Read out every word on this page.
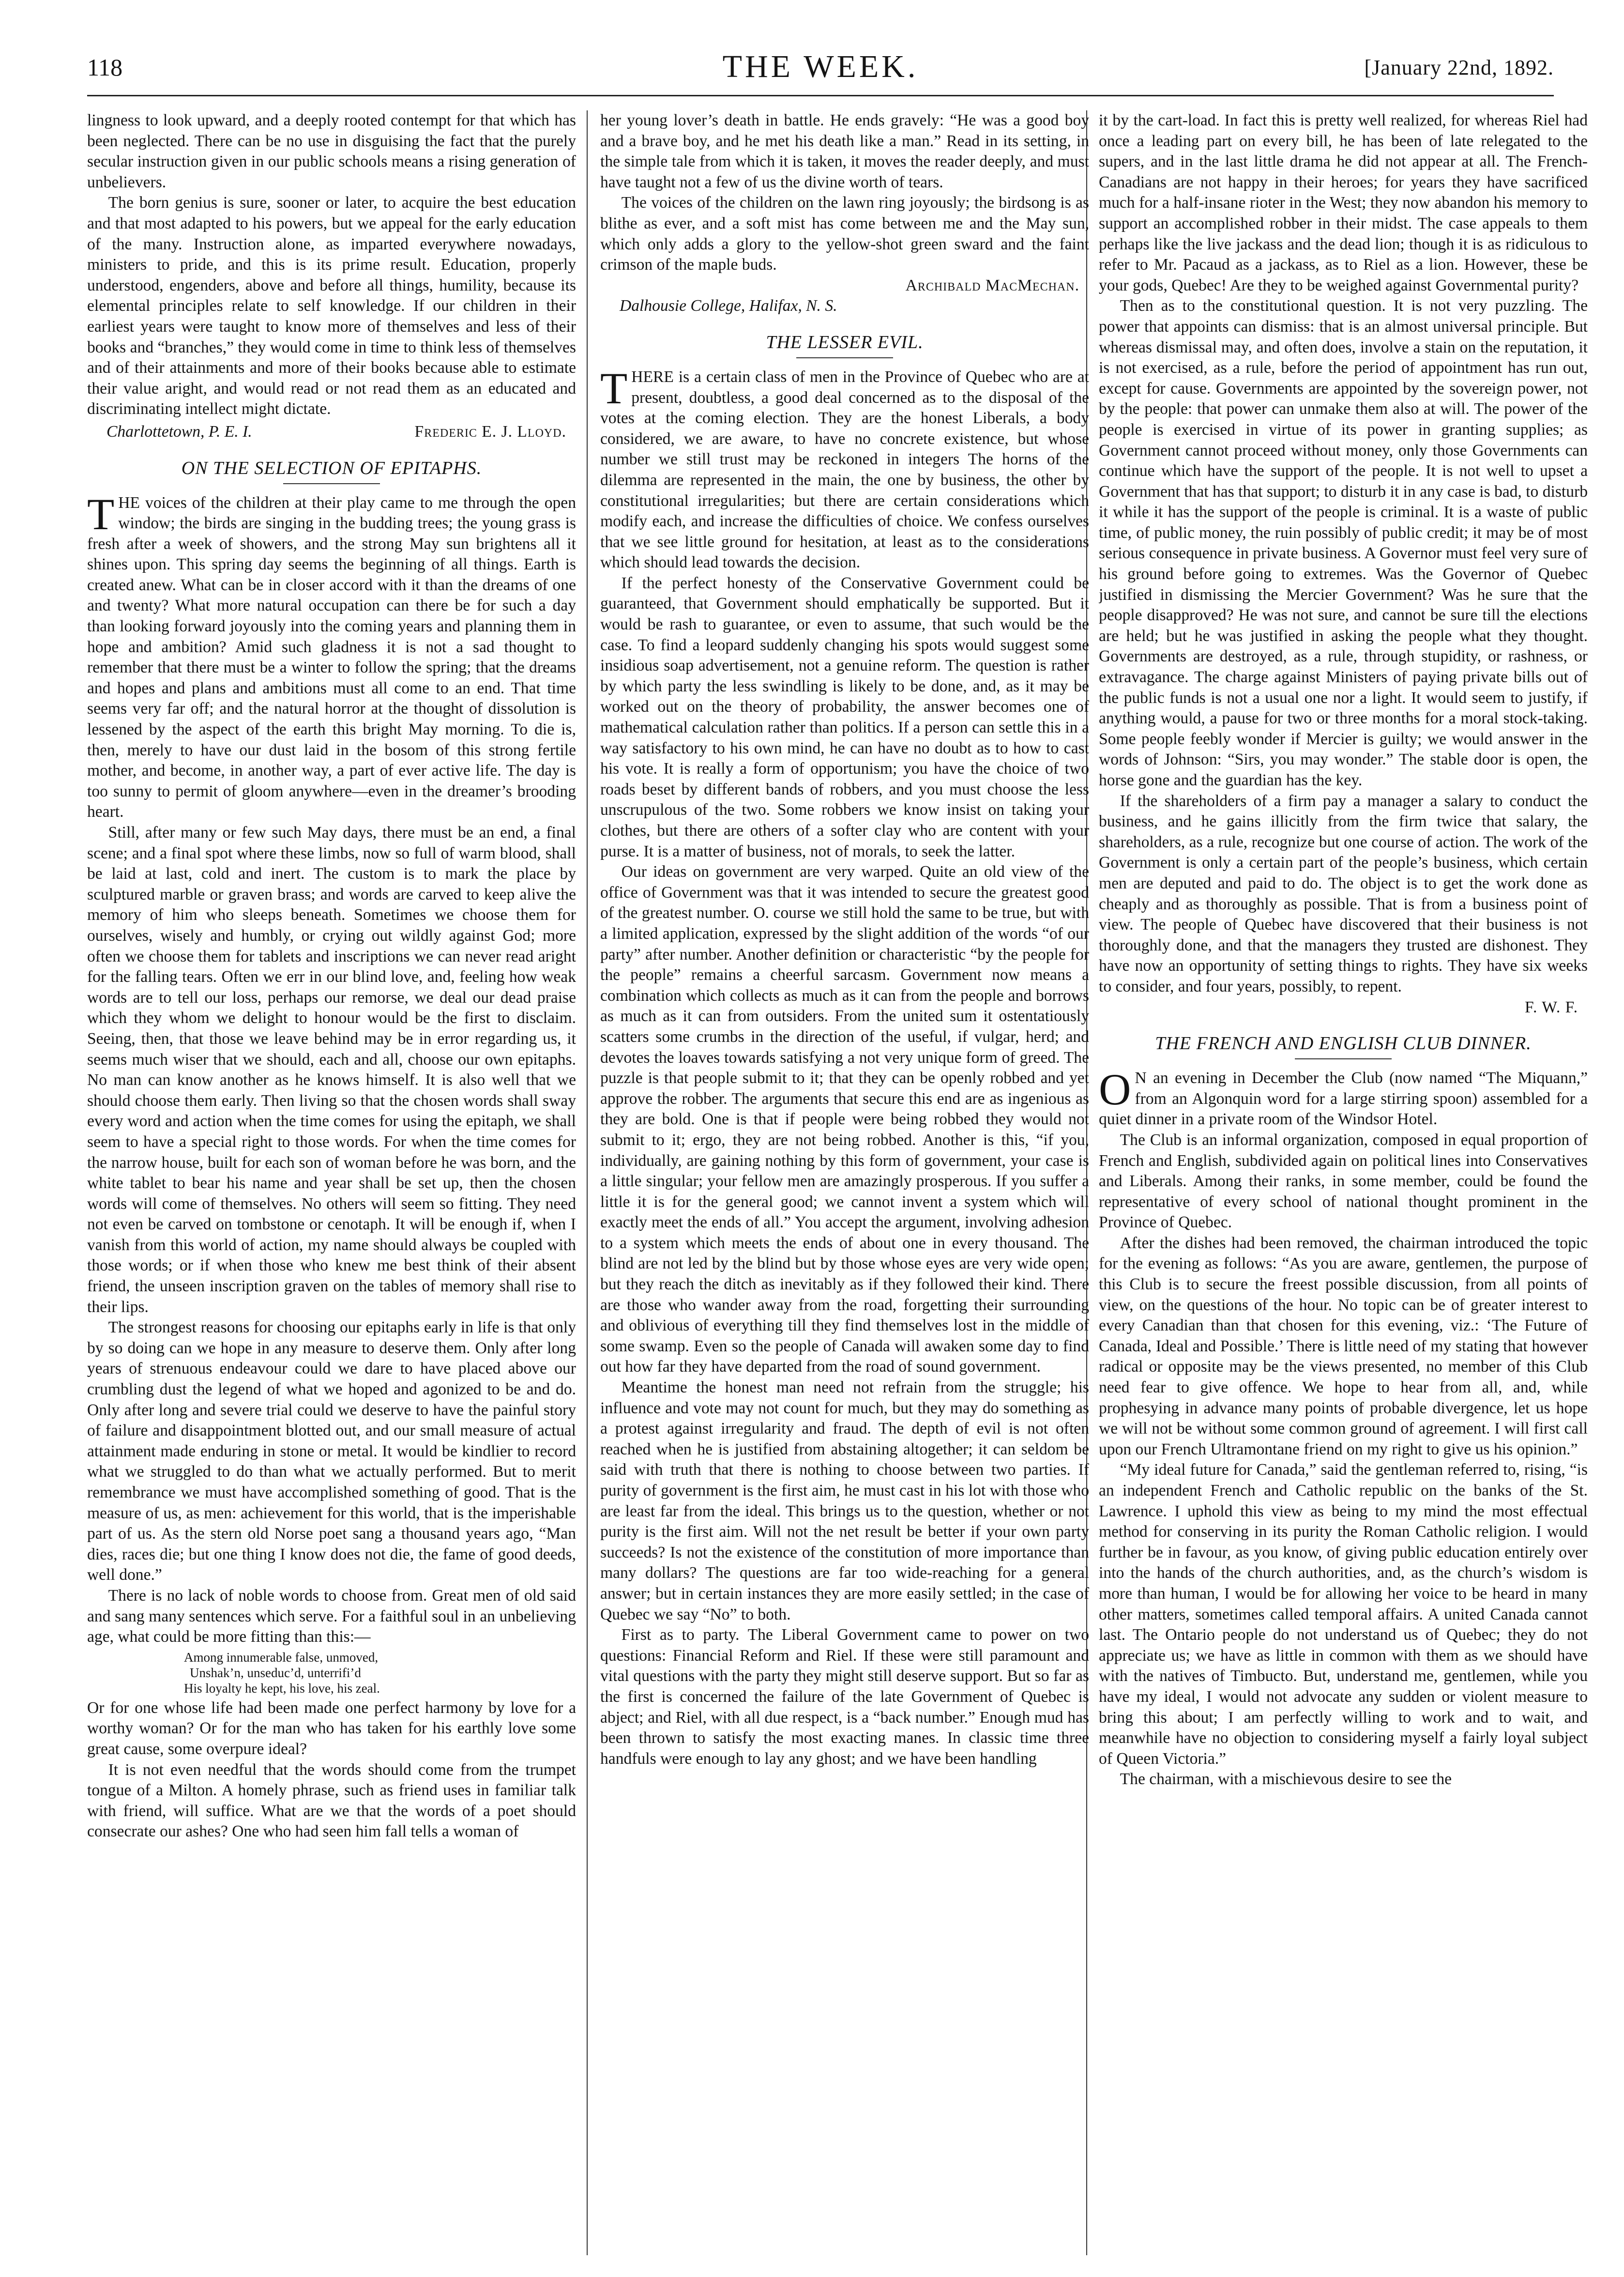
118	THE WEEK.	[January 22nd, 1892.

lingness to look upward, and a deeply rooted contempt for that which has been neglected. There can be no use in disguising the fact that the purely secular instruction given in our public schools means a rising generation of unbelievers.

The born genius is sure, sooner or later, to acquire the best education and that most adapted to his powers, but we appeal for the early education of the many. Instruction alone, as imparted everywhere nowadays, ministers to pride, and this is its prime result. Education, properly understood, engenders, above and before all things, humility, because its elemental principles relate to self knowledge. If our children in their earliest years were taught to know more of themselves and less of their books and “branches,” they would come in time to think less of themselves and of their attainments and more of their books because able to estimate their value aright, and would read or not read them as an educated and discriminating intellect might dictate.

Charlottetown, P. E. I.	Frederic E. J. Lloyd.
ON THE SELECTION OF EPITAPHS.

THE voices of the children at their play came to me through the open window; the birds are singing in the budding trees; the young grass is fresh after a week of showers, and the strong May sun brightens all it shines upon. This spring day seems the beginning of all things. Earth is created anew. What can be in closer accord with it than the dreams of one and twenty? What more natural occupation can there be for such a day than looking forward joyously into the coming years and planning them in hope and ambition? Amid such gladness it is not a sad thought to remember that there must be a winter to follow the spring; that the dreams and hopes and plans and ambitions must all come to an end. That time seems very far off; and the natural horror at the thought of dissolution is lessened by the aspect of the earth this bright May morning. To die is, then, merely to have our dust laid in the bosom of this strong fertile mother, and become, in another way, a part of ever active life. The day is too sunny to permit of gloom anywhere—even in the dreamer’s brooding heart.

Still, after many or few such May days, there must be an end, a final scene; and a final spot where these limbs, now so full of warm blood, shall be laid at last, cold and inert. The custom is to mark the place by sculptured marble or graven brass; and words are carved to keep alive the memory of him who sleeps beneath. Sometimes we choose them for ourselves, wisely and humbly, or crying out wildly against God; more often we choose them for tablets and inscriptions we can never read aright for the falling tears. Often we err in our blind love, and, feeling how weak words are to tell our loss, perhaps our remorse, we deal our dead praise which they whom we delight to honour would be the first to disclaim. Seeing, then, that those we leave behind may be in error regarding us, it seems much wiser that we should, each and all, choose our own epitaphs. No man can know another as he knows himself. It is also well that we should choose them early. Then living so that the chosen words shall sway every word and action when the time comes for using the epitaph, we shall seem to have a special right to those words. For when the time comes for the narrow house, built for each son of woman before he was born, and the white tablet to bear his name and year shall be set up, then the chosen words will come of themselves. No others will seem so fitting. They need not even be carved on tombstone or cenotaph. It will be enough if, when I vanish from this world of action, my name should always be coupled with those words; or if when those who knew me best think of their absent friend, the unseen inscription graven on the tables of memory shall rise to their lips.

The strongest reasons for choosing our epitaphs early in life is that only by so doing can we hope in any measure to deserve them. Only after long years of strenuous endeavour could we dare to have placed above our crumbling dust the legend of what we hoped and agonized to be and do. Only after long and severe trial could we deserve to have the painful story of failure and disappointment blotted out, and our small measure of actual attainment made enduring in stone or metal. It would be kindlier to record what we struggled to do than what we actually performed. But to merit remembrance we must have accomplished something of good. That is the measure of us, as men: achievement for this world, that is the imperishable part of us. As the stern old Norse poet sang a thousand years ago, “Man dies, races die; but one thing I know does not die, the fame of good deeds, well done.”

There is no lack of noble words to choose from. Great men of old said and sang many sentences which serve. For a faithful soul in an unbelieving age, what could be more fitting than this:—

Among innumerable false, unmoved,
Unshak’n, unseduc’d, unterrifi’d
His loyalty he kept, his love, his zeal.

Or for one whose life had been made one perfect harmony by love for a worthy woman? Or for the man who has taken for his earthly love some great cause, some overpure ideal?

It is not even needful that the words should come from the trumpet tongue of a Milton. A homely phrase, such as friend uses in familiar talk with friend, will suffice. What are we that the words of a poet should consecrate our ashes? One who had seen him fall tells a woman of

her young lover’s death in battle. He ends gravely: “He was a good boy and a brave boy, and he met his death like a man.” Read in its setting, in the simple tale from which it is taken, it moves the reader deeply, and must have taught not a few of us the divine worth of tears.

The voices of the children on the lawn ring joyously; the birdsong is as blithe as ever, and a soft mist has come between me and the May sun, which only adds a glory to the yellow-shot green sward and the faint crimson of the maple buds.

Archibald MacMechan.
Dalhousie College, Halifax, N. S.
THE LESSER EVIL.

THERE is a certain class of men in the Province of Quebec who are at present, doubtless, a good deal concerned as to the disposal of the votes at the coming election. They are the honest Liberals, a body considered, we are aware, to have no concrete existence, but whose number we still trust may be reckoned in integers The horns of the dilemma are represented in the main, the one by business, the other by constitutional irregularities; but there are certain considerations which modify each, and increase the difficulties of choice. We confess ourselves that we see little ground for hesitation, at least as to the considerations which should lead towards the decision.

If the perfect honesty of the Conservative Government could be guaranteed, that Government should emphatically be supported. But it would be rash to guarantee, or even to assume, that such would be the case. To find a leopard suddenly changing his spots would suggest some insidious soap advertisement, not a genuine reform. The question is rather by which party the less swindling is likely to be done, and, as it may be worked out on the theory of probability, the answer becomes one of mathematical calculation rather than politics. If a person can settle this in a way satisfactory to his own mind, he can have no doubt as to how to cast his vote. It is really a form of opportunism; you have the choice of two roads beset by different bands of robbers, and you must choose the less unscrupulous of the two. Some robbers we know insist on taking your clothes, but there are others of a softer clay who are content with your purse. It is a matter of business, not of morals, to seek the latter.

Our ideas on government are very warped. Quite an old view of the office of Government was that it was intended to secure the greatest good of the greatest number. O. course we still hold the same to be true, but with a limited application, expressed by the slight addition of the words “of our party” after number. Another definition or characteristic “by the people for the people” remains a cheerful sarcasm. Government now means a combination which collects as much as it can from the people and borrows as much as it can from outsiders. From the united sum it ostentatiously scatters some crumbs in the direction of the useful, if vulgar, herd; and devotes the loaves towards satisfying a not very unique form of greed. The puzzle is that people submit to it; that they can be openly robbed and yet approve the robber. The arguments that secure this end are as ingenious as they are bold. One is that if people were being robbed they would not submit to it; ergo, they are not being robbed. Another is this, “if you, individually, are gaining nothing by this form of government, your case is a little singular; your fellow men are amazingly prosperous. If you suffer a little it is for the general good; we cannot invent a system which will exactly meet the ends of all.” You accept the argument, involving adhesion to a system which meets the ends of about one in every thousand. The blind are not led by the blind but by those whose eyes are very wide open; but they reach the ditch as inevitably as if they followed their kind. There are those who wander away from the road, forgetting their surrounding and oblivious of everything till they find themselves lost in the middle of some swamp. Even so the people of Canada will awaken some day to find out how far they have departed from the road of sound government.

Meantime the honest man need not refrain from the struggle; his influence and vote may not count for much, but they may do something as a protest against irregularity and fraud. The depth of evil is not often reached when he is justified from abstaining altogether; it can seldom be said with truth that there is nothing to choose between two parties. If purity of government is the first aim, he must cast in his lot with those who are least far from the ideal. This brings us to the question, whether or not purity is the first aim. Will not the net result be better if your own party succeeds? Is not the existence of the constitution of more importance than many dollars? The questions are far too wide-reaching for a general answer; but in certain instances they are more easily settled; in the case of Quebec we say “No” to both.

First as to party. The Liberal Government came to power on two questions: Financial Reform and Riel. If these were still paramount and vital questions with the party they might still deserve support. But so far as the first is concerned the failure of the late Government of Quebec is abject; and Riel, with all due respect, is a “back number.” Enough mud has been thrown to satisfy the most exacting manes. In classic time three handfuls were enough to lay any ghost; and we have been handling

it by the cart-load. In fact this is pretty well realized, for whereas Riel had once a leading part on every bill, he has been of late relegated to the supers, and in the last little drama he did not appear at all. The French-Canadians are not happy in their heroes; for years they have sacrificed much for a half-insane rioter in the West; they now abandon his memory to support an accomplished robber in their midst. The case appeals to them perhaps like the live jackass and the dead lion; though it is as ridiculous to refer to Mr. Pacaud as a jackass, as to Riel as a lion. However, these be your gods, Quebec! Are they to be weighed against Governmental purity?

Then as to the constitutional question. It is not very puzzling. The power that appoints can dismiss: that is an almost universal principle. But whereas dismissal may, and often does, involve a stain on the reputation, it is not exercised, as a rule, before the period of appointment has run out, except for cause. Governments are appointed by the sovereign power, not by the people: that power can unmake them also at will. The power of the people is exercised in virtue of its power in granting supplies; as Government cannot proceed without money, only those Governments can continue which have the support of the people. It is not well to upset a Government that has that support; to disturb it in any case is bad, to disturb it while it has the support of the people is criminal. It is a waste of public time, of public money, the ruin possibly of public credit; it may be of most serious consequence in private business. A Governor must feel very sure of his ground before going to extremes. Was the Governor of Quebec justified in dismissing the Mercier Government? Was he sure that the people disapproved? He was not sure, and cannot be sure till the elections are held; but he was justified in asking the people what they thought. Governments are destroyed, as a rule, through stupidity, or rashness, or extravagance. The charge against Ministers of paying private bills out of the public funds is not a usual one nor a light. It would seem to justify, if anything would, a pause for two or three months for a moral stock-taking. Some people feebly wonder if Mercier is guilty; we would answer in the words of Johnson: “Sirs, you may wonder.” The stable door is open, the horse gone and the guardian has the key.

If the shareholders of a firm pay a manager a salary to conduct the business, and he gains illicitly from the firm twice that salary, the shareholders, as a rule, recognize but one course of action. The work of the Government is only a certain part of the people’s business, which certain men are deputed and paid to do. The object is to get the work done as cheaply and as thoroughly as possible. That is from a business point of view. The people of Quebec have discovered that their business is not thoroughly done, and that the managers they trusted are dishonest. They have now an opportunity of setting things to rights. They have six weeks to consider, and four years, possibly, to repent.

F. W. F.
THE FRENCH AND ENGLISH CLUB DINNER.

O N an evening in December the Club (now named “The Miquann,” from an Algonquin word for a large stirring spoon) assembled for a quiet dinner in a private room of the Windsor Hotel.

The Club is an informal organization, composed in equal proportion of French and English, subdivided again on political lines into Conservatives and Liberals. Among their ranks, in some member, could be found the representative of every school of national thought prominent in the Province of Quebec.

After the dishes had been removed, the chairman introduced the topic for the evening as follows: “As you are aware, gentlemen, the purpose of this Club is to secure the freest possible discussion, from all points of view, on the questions of the hour. No topic can be of greater interest to every Canadian than that chosen for this evening, viz.: ‘The Future of Canada, Ideal and Possible.’ There is little need of my stating that however radical or opposite may be the views presented, no member of this Club need fear to give offence. We hope to hear from all, and, while prophesying in advance many points of probable divergence, let us hope we will not be without some common ground of agreement. I will first call upon our French Ultramontane friend on my right to give us his opinion.”

“My ideal future for Canada,” said the gentleman referred to, rising, “is an independent French and Catholic republic on the banks of the St. Lawrence. I uphold this view as being to my mind the most effectual method for conserving in its purity the Roman Catholic religion. I would further be in favour, as you know, of giving public education entirely over into the hands of the church authorities, and, as the church’s wisdom is more than human, I would be for allowing her voice to be heard in many other matters, sometimes called temporal affairs. A united Canada cannot last. The Ontario people do not understand us of Quebec; they do not appreciate us; we have as little in common with them as we should have with the natives of Timbucto. But, understand me, gentlemen, while you have my ideal, I would not advocate any sudden or violent measure to bring this about; I am perfectly willing to work and to wait, and meanwhile have no objection to considering myself a fairly loyal subject of Queen Victoria.”

The chairman, with a mischievous desire to see the
